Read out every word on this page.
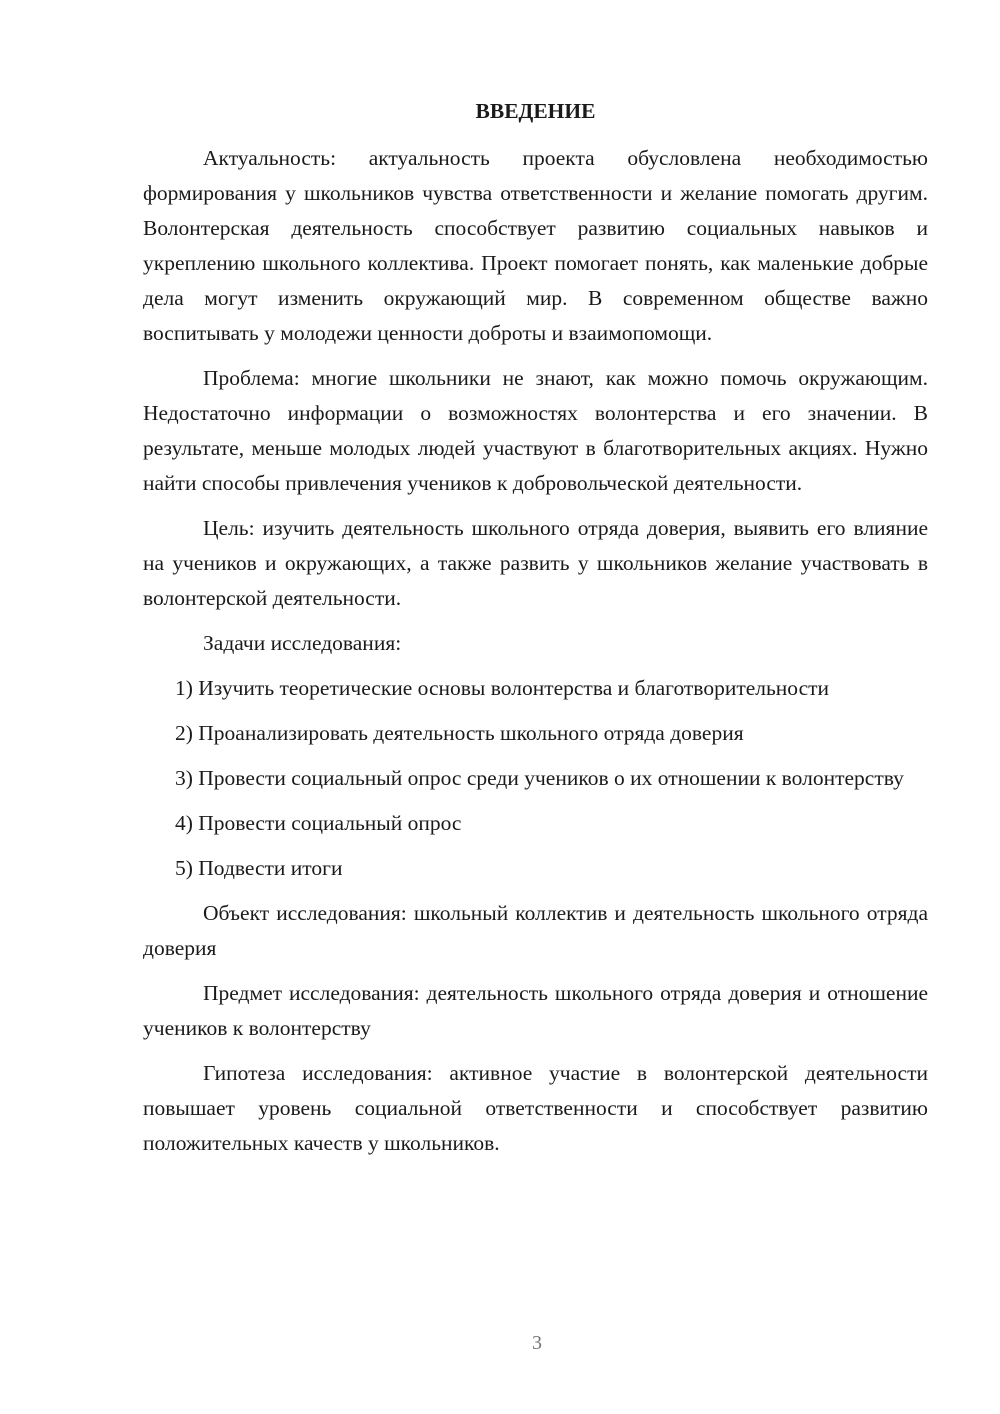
ВВЕДЕНИЕ

Актуальность: актуальность проекта обусловлена необходимостью формирования у школьников чувства ответственности и желание помогать другим. Волонтерская деятельность способствует развитию социальных навыков и укреплению школьного коллектива. Проект помогает понять, как маленькие добрые дела могут изменить окружающий мир. В современном обществе важно воспитывать у молодежи ценности доброты и взаимопомощи.

Проблема: многие школьники не знают, как можно помочь окружающим. Недостаточно информации о возможностях волонтерства и его значении. В результате, меньше молодых людей участвуют в благотворительных акциях. Нужно найти способы привлечения учеников к добровольческой деятельности.

Цель: изучить деятельность школьного отряда доверия, выявить его влияние на учеников и окружающих, а также развить у школьников желание участвовать в волонтерской деятельности.

Задачи исследования:

1) Изучить теоретические основы волонтерства и благотворительности

2) Проанализировать деятельность школьного отряда доверия

3) Провести социальный опрос среди учеников о их отношении к волонтерству

4) Провести социальный опрос

5) Подвести итоги

Объект исследования: школьный коллектив и деятельность школьного отряда доверия

Предмет исследования: деятельность школьного отряда доверия и отношение учеников к волонтерству

Гипотеза исследования: активное участие в волонтерской деятельности повышает уровень социальной ответственности и способствует развитию положительных качеств у школьников.

3
